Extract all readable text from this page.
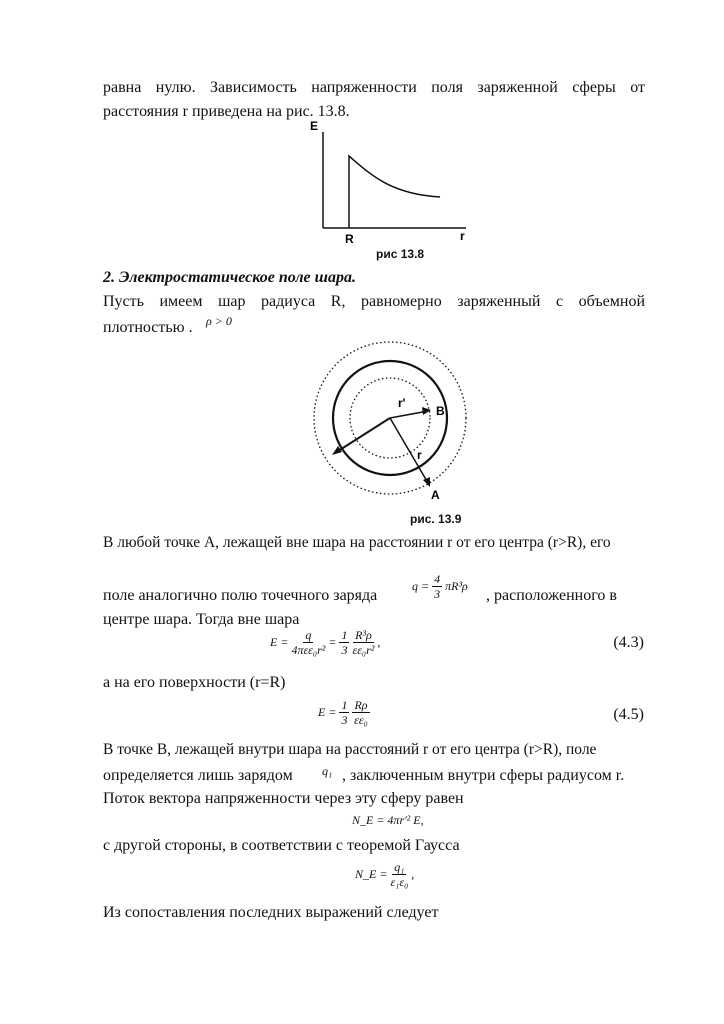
равна нулю. Зависимость напряженности поля заряженной сферы от
расстояния r приведена на рис. 13.8.
E
r
R
рис 13.8
2. Электростатическое поле шара.
Пусть имеем шар радиуса R, равномерно заряженный с объемной
плотностью . ρ > 0
r'
B
r
A
рис. 13.9
В любой точке A, лежащей вне шара на расстоянии r от его центра (r>R), его
поле аналогично полю точечного заряда
$q = \frac{4}{3} \pi R^3\rho$
, расположенного в
центре шара. Тогда вне шара
$E = \frac{q}{\text{4πεε₀r²}} = \frac{1}{3} \frac{\text{R³ρ}}{\text{εε₀r²}}$ ,	(4.3)
а на его поверхности (r=R)
$E = \frac{1}{3} \frac{R\rho}{\text{εε₀}}$	(4.5)
В точке B, лежащей внутри шара на расстояний r от его центра (r>R), поле
определяется лишь зарядом q₁ , заключенным внутри сферы радиусом r.
Поток вектора напряженности через эту сферу равен
N_E = 4πr'² E,
с другой стороны, в соответствии с теоремой Гаусса
N_E = $\frac{\text{q₁}}{\text{ε₁ε₀}}$ ,
Из сопоставления последних выражений следует
